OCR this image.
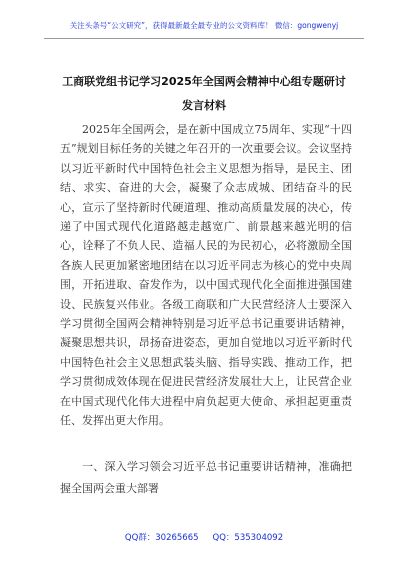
关注头条号“公文研究”，获得最新最全最专业的公文资料库！ 微信：gongwenyj
工商联党组书记学习2025年全国两会精神中心组专题研讨
发言材料

2025年全国两会，是在新中国成立75周年、实现“十四五”规划目标任务的关键之年召开的一次重要会议。会议坚持以习近平新时代中国特色社会主义思想为指导，是民主、团结、求实、奋进的大会，凝聚了众志成城、团结奋斗的民心，宣示了坚持新时代硬道理、推动高质量发展的决心，传递了中国式现代化道路越走越宽广、前景越来越光明的信心，诠释了不负人民、造福人民的为民初心，必将激励全国各族人民更加紧密地团结在以习近平同志为核心的党中央周围，开拓进取、奋发作为，以中国式现代化全面推进强国建设、民族复兴伟业。各级工商联和广大民营经济人士要深入学习贯彻全国两会精神特别是习近平总书记重要讲话精神，凝聚思想共识，昂扬奋进姿态，更加自觉地以习近平新时代中国特色社会主义思想武装头脑、指导实践、推动工作，把学习贯彻成效体现在促进民营经济发展壮大上，让民营企业在中国式现代化伟大进程中肩负起更大使命、承担起更重责任、发挥出更大作用。

一、深入学习领会习近平总书记重要讲话精神，准确把握全国两会重大部署

QQ群：30265665 QQ：535304092
